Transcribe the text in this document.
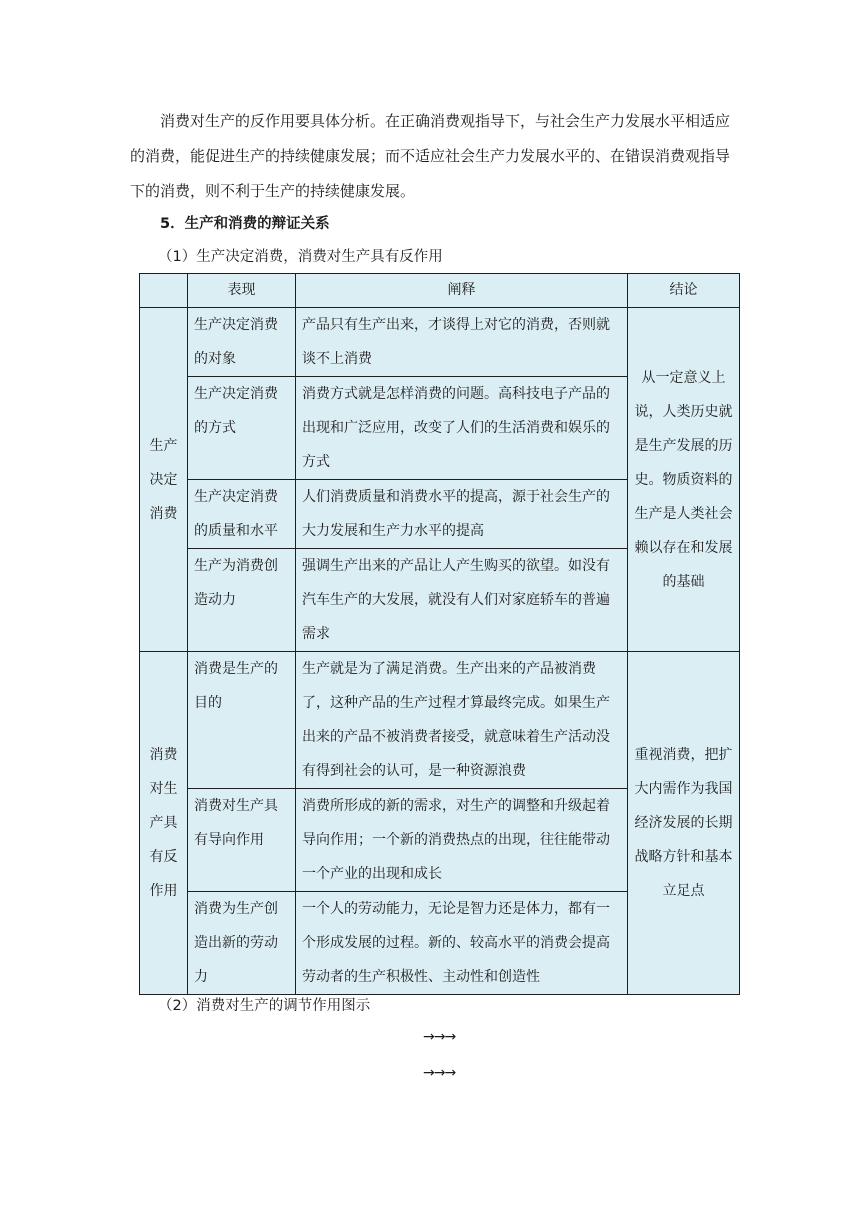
消费对生产的反作用要具体分析。在正确消费观指导下，与社会生产力发展水平相适应的消费，能促进生产的持续健康发展；而不适应社会生产力发展水平的、在错误消费观指导下的消费，则不利于生产的持续健康发展。

5．生产和消费的辩证关系
（1）生产决定消费，消费对生产具有反作用
	表现	阐释	结论
生产决定消费	生产决定消费的对象	产品只有生产出来，才谈得上对它的消费，否则就谈不上消费	从一定意义上说，人类历史就是生产发展的历史。物质资料的生产是人类社会赖以存在和发展的基础
	生产决定消费的方式	消费方式就是怎样消费的问题。高科技电子产品的出现和广泛应用，改变了人们的生活消费和娱乐的方式	
	生产决定消费的质量和水平	人们消费质量和消费水平的提高，源于社会生产的大力发展和生产力水平的提高	
	生产为消费创造动力	强调生产出来的产品让人产生购买的欲望。如没有汽车生产的大发展，就没有人们对家庭轿车的普遍需求	
消费对生产具有反作用	消费是生产的目的	生产就是为了满足消费。生产出来的产品被消费了，这种产品的生产过程才算最终完成。如果生产出来的产品不被消费者接受，就意味着生产活动没有得到社会的认可，是一种资源浪费	重视消费，把扩大内需作为我国经济发展的长期战略方针和基本立足点
	消费对生产具有导向作用	消费所形成的新的需求，对生产的调整和升级起着导向作用；一个新的消费热点的出现，往往能带动一个产业的出现和成长	
	消费为生产创造出新的劳动力	一个人的劳动能力，无论是智力还是体力，都有一个形成发展的过程。新的、较高水平的消费会提高劳动者的生产积极性、主动性和创造性	
（2）消费对生产的调节作用图示
→→→
→→→
